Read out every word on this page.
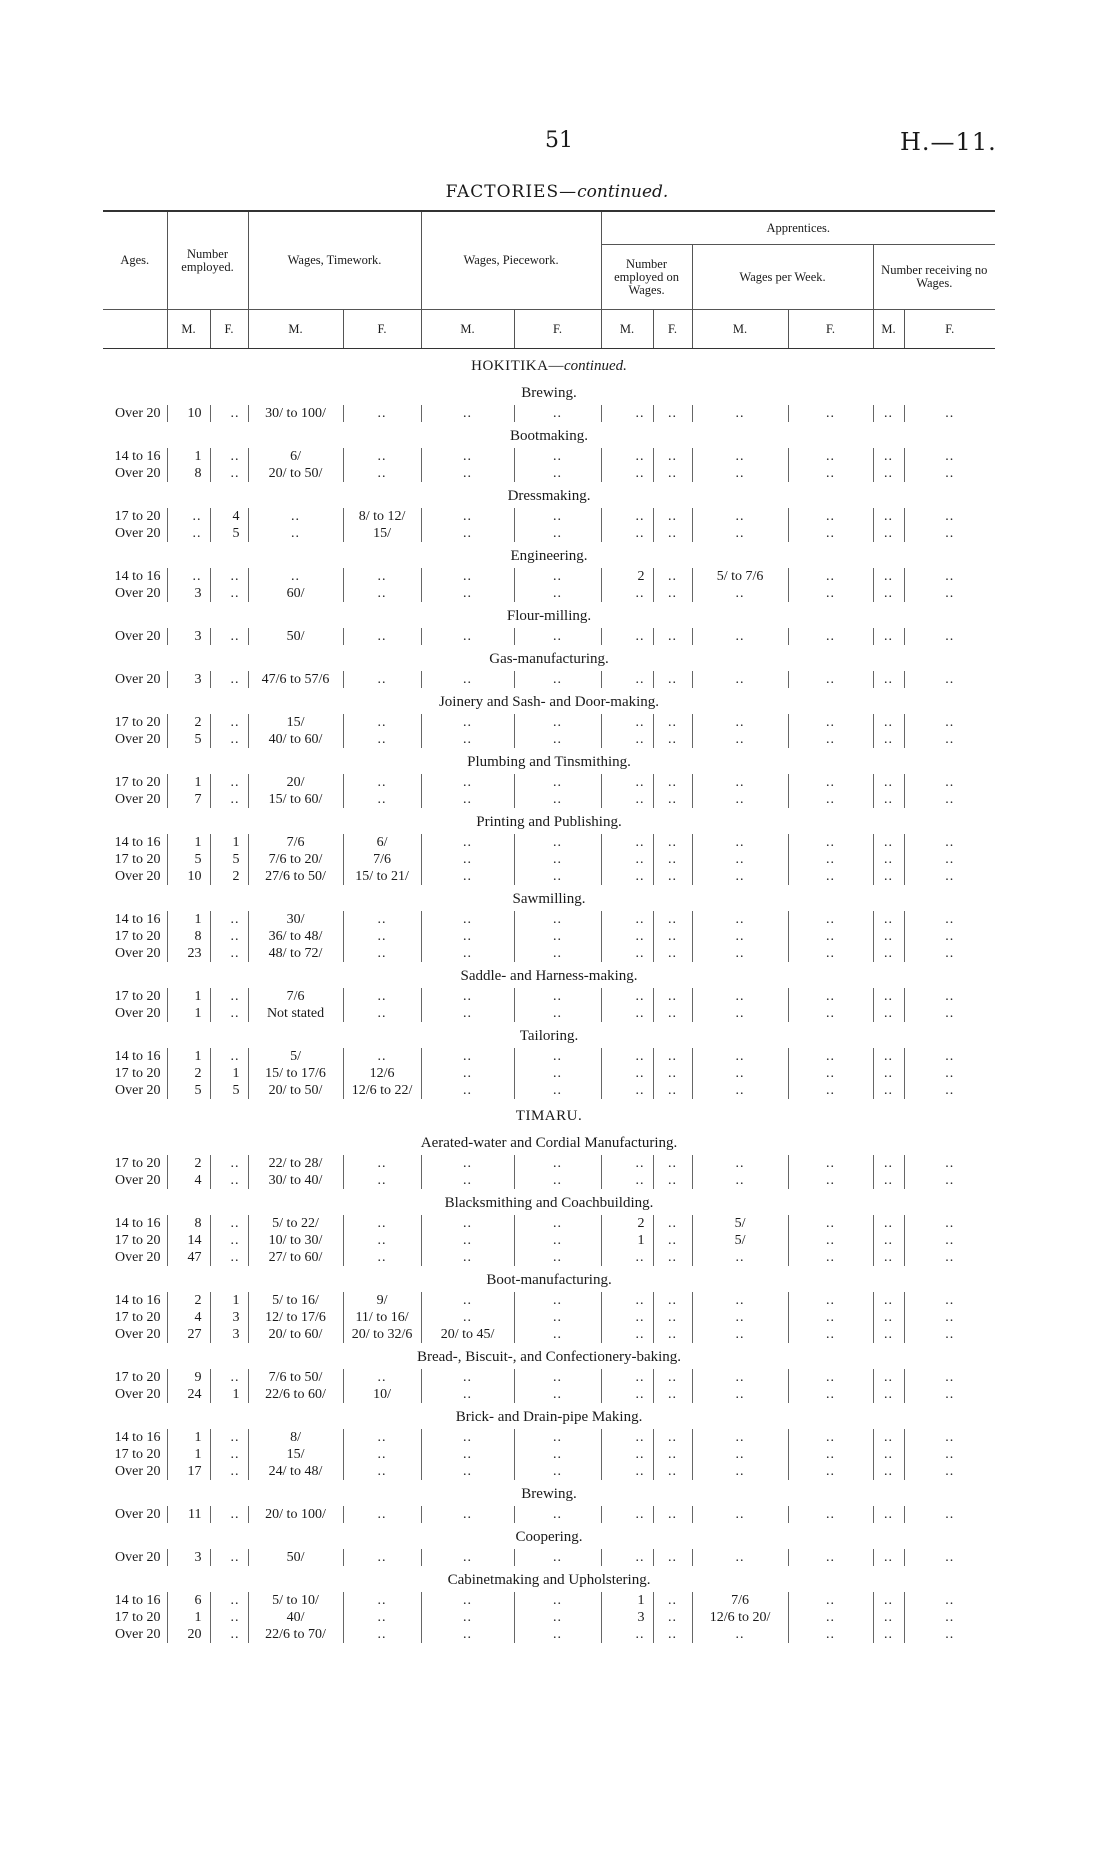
51	H.—11.
FACTORIES—continued.
Ages.	Number employed.		Wages, Timework.		Wages, Piecework.		Apprentices.					
							Number employed on Wages.		Wages per Week.		Number receiving no Wages.	
	M.	F.	M.	F.	M.	F.	M.	F.	M.	F.	M.	F.
HOKITIKA—continued.												
Brewing.												
Over 20	10	..	30/ to 100/	..	..	..	..	..	..	..	..	..
Bootmaking.												
14 to 16	1	..	6/	..	..	..	..	..	..	..	..	..
Over 20	8	..	20/ to 50/	..	..	..	..	..	..	..	..	..
Dressmaking.												
17 to 20	..	4	..	8/ to 12/	..	..	..	..	..	..	..	..
Over 20	..	5	..	15/	..	..	..	..	..	..	..	..
Engineering.												
14 to 16	..	..	..	..	..	..	2	..	5/ to 7/6	..	..	..
Over 20	3	..	60/	..	..	..	..	..	..	..	..	..
Flour-milling.												
Over 20	3	..	50/	..	..	..	..	..	..	..	..	..
Gas-manufacturing.												
Over 20	3	..	47/6 to 57/6	..	..	..	..	..	..	..	..	..
Joinery and Sash- and Door-making.												
17 to 20	2	..	15/	..	..	..	..	..	..	..	..	..
Over 20	5	..	40/ to 60/	..	..	..	..	..	..	..	..	..
Plumbing and Tinsmithing.												
17 to 20	1	..	20/	..	..	..	..	..	..	..	..	..
Over 20	7	..	15/ to 60/	..	..	..	..	..	..	..	..	..
Printing and Publishing.												
14 to 16	1	1	7/6	6/	..	..	..	..	..	..	..	..
17 to 20	5	5	7/6 to 20/	7/6	..	..	..	..	..	..	..	..
Over 20	10	2	27/6 to 50/	15/ to 21/	..	..	..	..	..	..	..	..
Sawmilling.												
14 to 16	1	..	30/	..	..	..	..	..	..	..	..	..
17 to 20	8	..	36/ to 48/	..	..	..	..	..	..	..	..	..
Over 20	23	..	48/ to 72/	..	..	..	..	..	..	..	..	..
Saddle- and Harness-making.												
17 to 20	1	..	7/6	..	..	..	..	..	..	..	..	..
Over 20	1	..	Not stated	..	..	..	..	..	..	..	..	..
Tailoring.												
14 to 16	1	..	5/	..	..	..	..	..	..	..	..	..
17 to 20	2	1	15/ to 17/6	12/6	..	..	..	..	..	..	..	..
Over 20	5	5	20/ to 50/	12/6 to 22/	..	..	..	..	..	..	..	..
TIMARU.												
Aerated-water and Cordial Manufacturing.												
17 to 20	2	..	22/ to 28/	..	..	..	..	..	..	..	..	..
Over 20	4	..	30/ to 40/	..	..	..	..	..	..	..	..	..
Blacksmithing and Coachbuilding.												
14 to 16	8	..	5/ to 22/	..	..	..	2	..	5/	..	..	..
17 to 20	14	..	10/ to 30/	..	..	..	1	..	5/	..	..	..
Over 20	47	..	27/ to 60/	..	..	..	..	..	..	..	..	..
Boot-manufacturing.												
14 to 16	2	1	5/ to 16/	9/	..	..	..	..	..	..	..	..
17 to 20	4	3	12/ to 17/6	11/ to 16/	..	..	..	..	..	..	..	..
Over 20	27	3	20/ to 60/	20/ to 32/6	20/ to 45/	..	..	..	..	..	..	..
Bread-, Biscuit-, and Confectionery-baking.												
17 to 20	9	..	7/6 to 50/	..	..	..	..	..	..	..	..	..
Over 20	24	1	22/6 to 60/	10/	..	..	..	..	..	..	..	..
Brick- and Drain-pipe Making.												
14 to 16	1	..	8/	..	..	..	..	..	..	..	..	..
17 to 20	1	..	15/	..	..	..	..	..	..	..	..	..
Over 20	17	..	24/ to 48/	..	..	..	..	..	..	..	..	..
Brewing.												
Over 20	11	..	20/ to 100/	..	..	..	..	..	..	..	..	..
Coopering.												
Over 20	3	..	50/	..	..	..	..	..	..	..	..	..
Cabinetmaking and Upholstering.												
14 to 16	6	..	5/ to 10/	..	..	..	1	..	7/6	..	..	..
17 to 20	1	..	40/	..	..	..	3	..	12/6 to 20/	..	..	..
Over 20	20	..	22/6 to 70/	..	..	..	..	..	..	..	..	..
